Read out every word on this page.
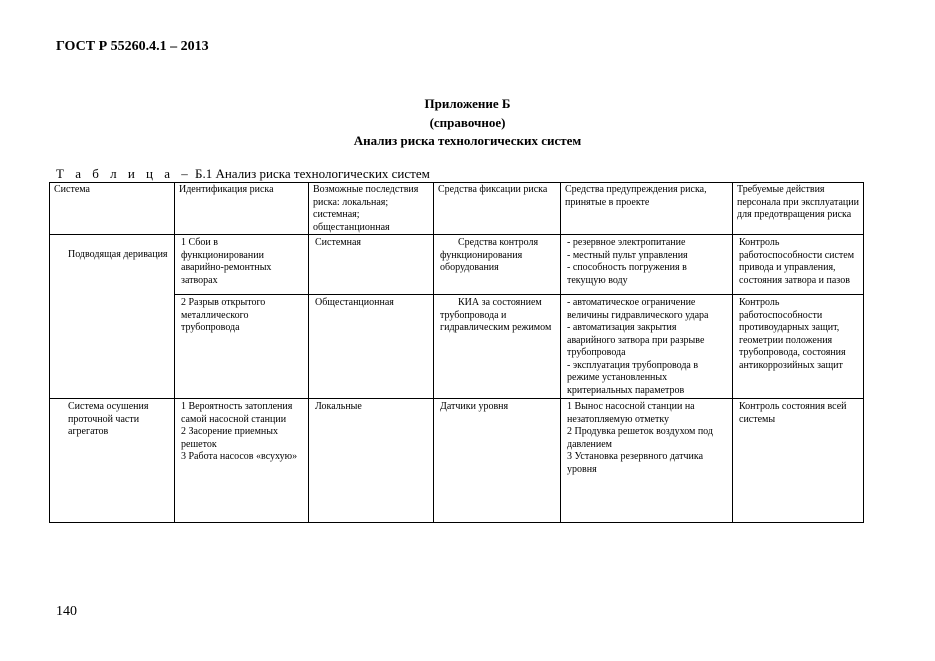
ГОСТ Р 55260.4.1 – 2013
Приложение Б
(справочное)
Анализ риска технологических систем
Т а б л и ц а – Б.1 Анализ риска технологических систем
Система	Идентификация риска	Возможные последствия риска: локальная; системная; общестанционная	Средства фиксации риска	Средства предупреждения риска, принятые в проекте	Требуемые действия персонала при эксплуатации для предотвращения риска
Подводящая деривация	1 Сбои в функционировании аварийно-ремонтных затворах	Системная	Средства контроля функционирования оборудования	- резервное электропитание
- местный пульт управления
- способность погружения в текущую воду	Контроль работоспособности систем привода и управления, состояния затвора и пазов
	2 Разрыв открытого металлического трубопровода	Общестанционная	КИА за состоянием трубопровода и гидравлическим режимом	- автоматическое ограничение величины гидравлического удара
- автоматизация закрытия аварийного затвора при разрыве трубопровода
- эксплуатация трубопровода в режиме установленных критериальных параметров	Контроль работоспособности противоударных защит, геометрии положения трубопровода, состояния антикоррозийных защит
Система осушения проточной части агрегатов	1 Вероятность затопления самой насосной станции
2 Засорение приемных решеток
3 Работа насосов «всухую»	Локальные	Датчики уровня	1 Вынос насосной станции на незатопляемую отметку
2 Продувка решеток воздухом под давлением
3 Установка резервного датчика уровня	Контроль состояния всей системы
140
